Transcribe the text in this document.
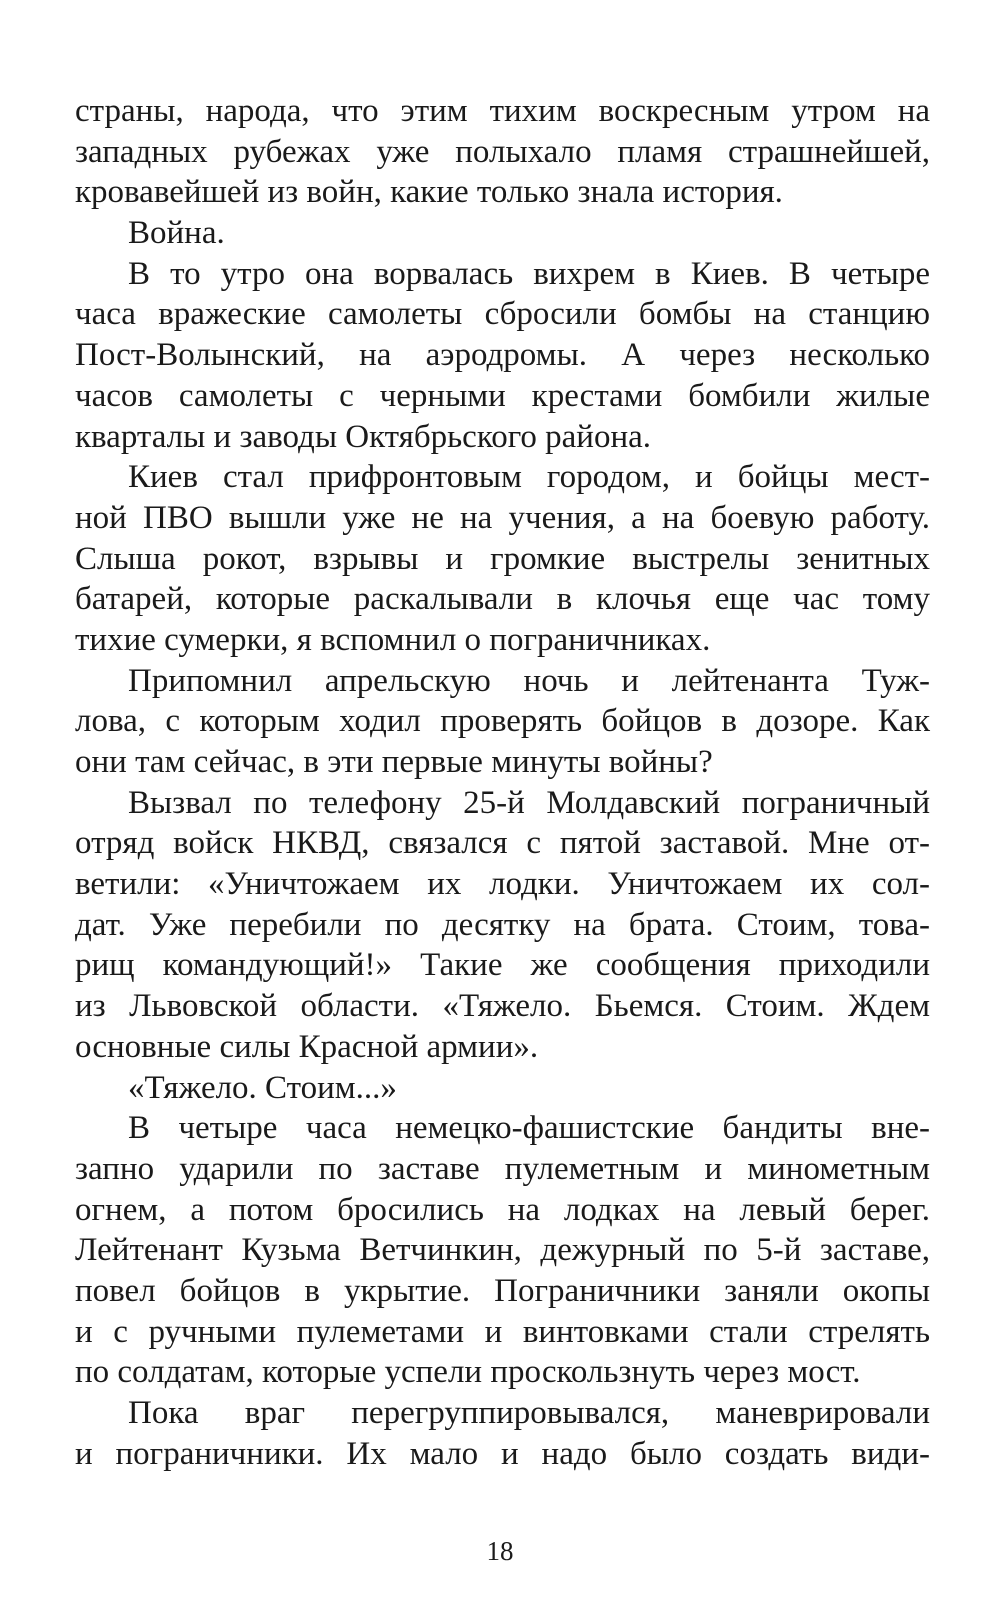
страны, народа, что этим тихим воскресным утром на
западных рубежах уже полыхало пламя страшнейшей,
кровавейшей из войн, какие только знала история.
Война.
В то утро она ворвалась вихрем в Киев. В четыре
часа вражеские самолеты сбросили бомбы на станцию
Пост-Волынский, на аэродромы. А через несколько
часов самолеты с черными крестами бомбили жилые
кварталы и заводы Октябрьского района.
Киев стал прифронтовым городом, и бойцы мест-
ной ПВО вышли уже не на учения, а на боевую работу.
Слыша рокот, взрывы и громкие выстрелы зенитных
батарей, которые раскалывали в клочья еще час тому
тихие сумерки, я вспомнил о пограничниках.
Припомнил апрельскую ночь и лейтенанта Туж-
лова, с которым ходил проверять бойцов в дозоре. Как
они там сейчас, в эти первые минуты войны?
Вызвал по телефону 25-й Молдавский пограничный
отряд войск НКВД, связался с пятой заставой. Мне от-
ветили: «Уничтожаем их лодки. Уничтожаем их сол-
дат. Уже перебили по десятку на брата. Стоим, това-
рищ командующий!» Такие же сообщения приходили
из Львовской области. «Тяжело. Бьемся. Стоим. Ждем
основные силы Красной армии».
«Тяжело. Стоим...»
В четыре часа немецко-фашистские бандиты вне-
запно ударили по заставе пулеметным и минометным
огнем, а потом бросились на лодках на левый берег.
Лейтенант Кузьма Ветчинкин, дежурный по 5-й заставе,
повел бойцов в укрытие. Пограничники заняли окопы
и с ручными пулеметами и винтовками стали стрелять
по солдатам, которые успели проскользнуть через мост.
Пока враг перегруппировывался, маневрировали
и пограничники. Их мало и надо было создать види-
18
